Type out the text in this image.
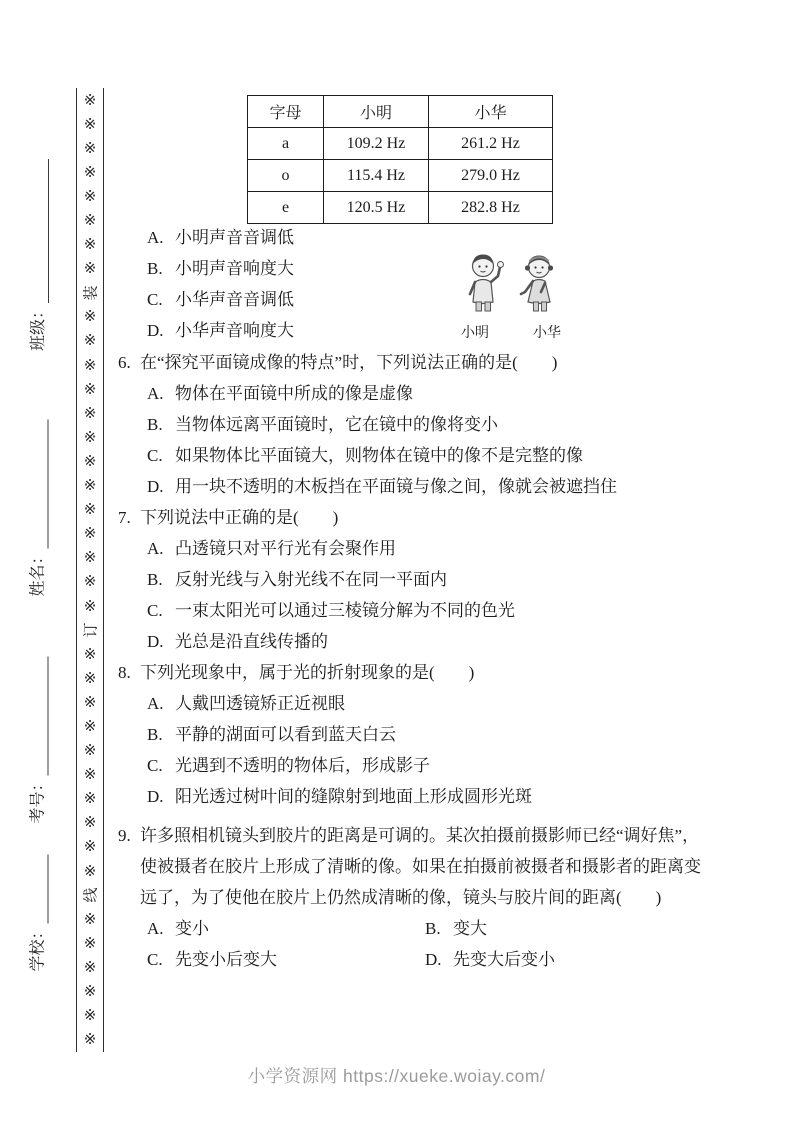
※
※
※
※
※
※
※
※
装
※
※
※
※
※
※
※
※
※
※
※
※
※
订
※
※
※
※
※
※
※
※
※
※
线
※
※
※
※
※
※
班级：
姓名：
考号：
学校：
字母	小明	小华
a	109.2 Hz	261.2 Hz
o	115.4 Hz	279.0 Hz
e	120.5 Hz	282.8 Hz
A. 小明声音音调低
B. 小明声音响度大
C. 小华声音音调低
D. 小华声音响度大	小明	小华
6. 在“探究平面镜成像的特点”时，下列说法正确的是(　　)
A. 物体在平面镜中所成的像是虚像
B. 当物体远离平面镜时，它在镜中的像将变小
C. 如果物体比平面镜大，则物体在镜中的像不是完整的像
D. 用一块不透明的木板挡在平面镜与像之间，像就会被遮挡住
7. 下列说法中正确的是(　　)
A. 凸透镜只对平行光有会聚作用
B. 反射光线与入射光线不在同一平面内
C. 一束太阳光可以通过三棱镜分解为不同的色光
D. 光总是沿直线传播的
8. 下列光现象中，属于光的折射现象的是(　　)
A. 人戴凹透镜矫正近视眼
B. 平静的湖面可以看到蓝天白云
C. 光遇到不透明的物体后，形成影子
D. 阳光透过树叶间的缝隙射到地面上形成圆形光斑
9. 许多照相机镜头到胶片的距离是可调的。某次拍摄前摄影师已经“调好焦”，
使被摄者在胶片上形成了清晰的像。如果在拍摄前被摄者和摄影者的距离变
远了，为了使他在胶片上仍然成清晰的像，镜头与胶片间的距离(　　)
A. 变小	B. 变大
C. 先变小后变大	D. 先变大后变小
小学资源网 https://xueke.woiay.com/
